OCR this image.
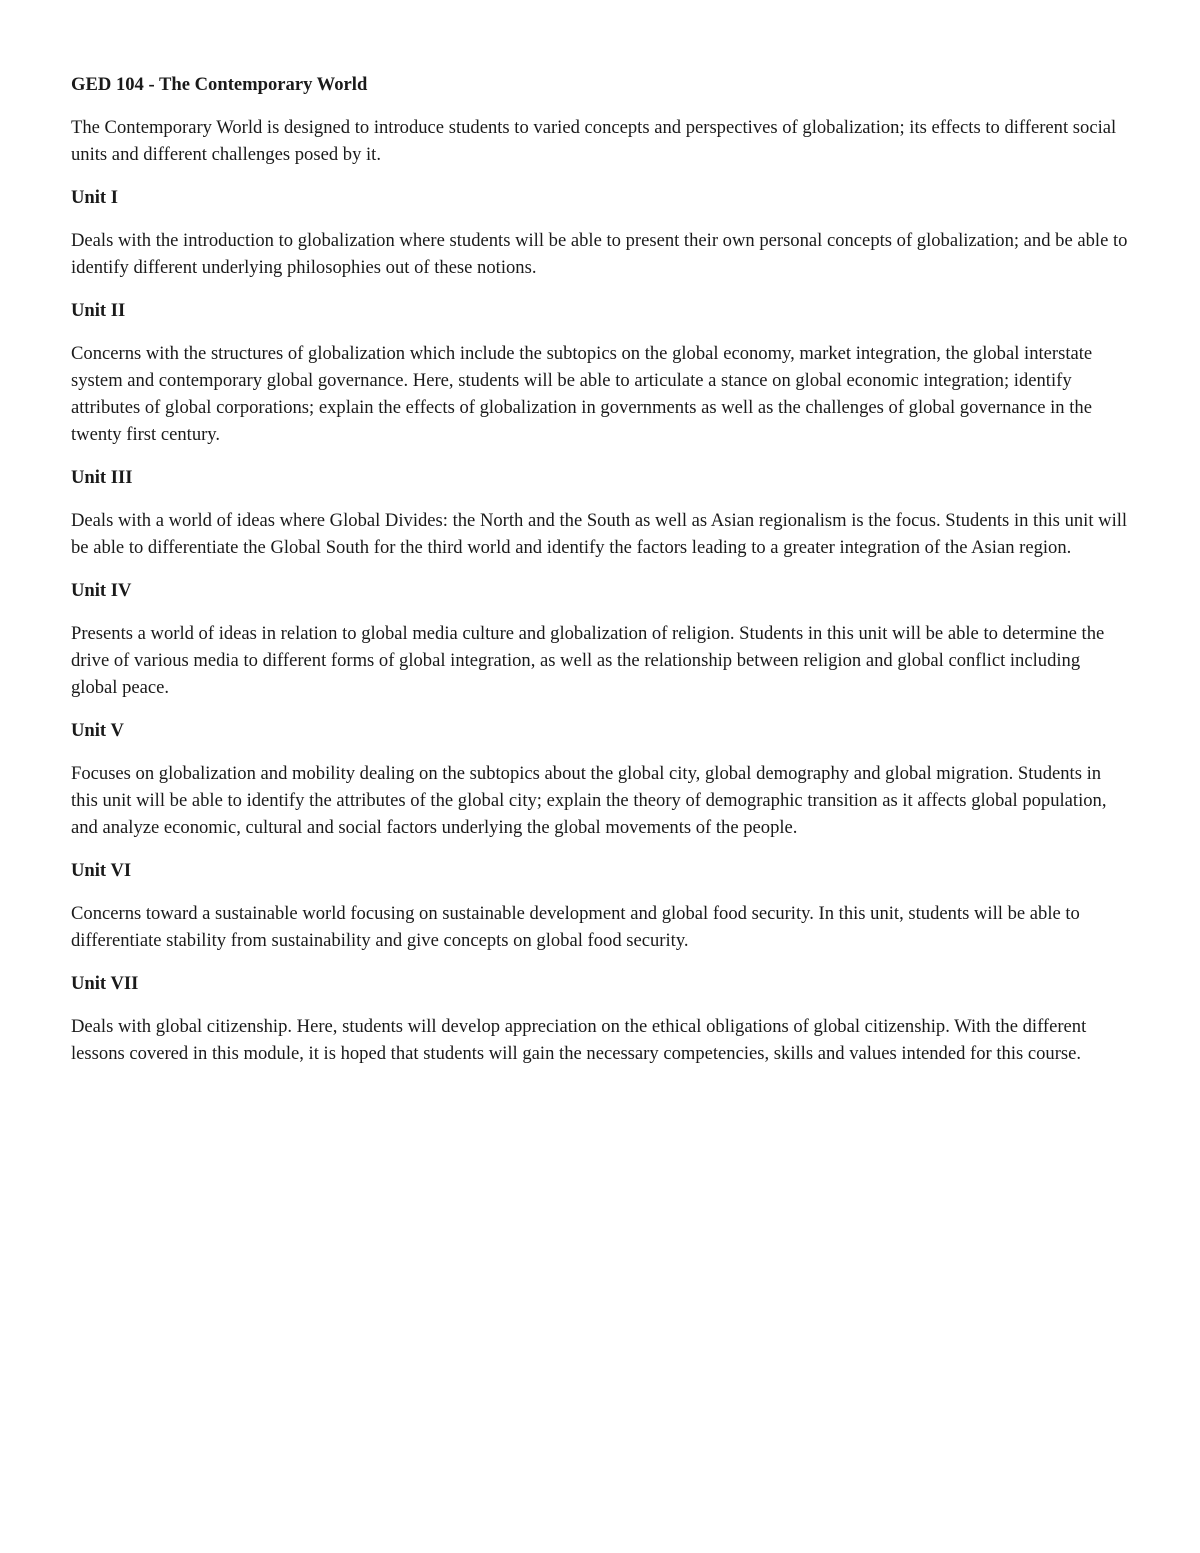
GED 104 - The Contemporary World

The Contemporary World is designed to introduce students to varied concepts and perspectives of globalization; its effects to different social units and different challenges posed by it.

Unit I

Deals with the introduction to globalization where students will be able to present their own personal concepts of globalization; and be able to identify different underlying philosophies out of these notions.

Unit II

Concerns with the structures of globalization which include the subtopics on the global economy, market integration, the global interstate system and contemporary global governance. Here, students will be able to articulate a stance on global economic integration; identify attributes of global corporations; explain the effects of globalization in governments as well as the challenges of global governance in the twenty first century.

Unit III

Deals with a world of ideas where Global Divides: the North and the South as well as Asian regionalism is the focus. Students in this unit will be able to differentiate the Global South for the third world and identify the factors leading to a greater integration of the Asian region.

Unit IV

Presents a world of ideas in relation to global media culture and globalization of religion. Students in this unit will be able to determine the drive of various media to different forms of global integration, as well as the relationship between religion and global conflict including global peace.

Unit V

Focuses on globalization and mobility dealing on the subtopics about the global city, global demography and global migration. Students in this unit will be able to identify the attributes of the global city; explain the theory of demographic transition as it affects global population, and analyze economic, cultural and social factors underlying the global movements of the people.

Unit VI

Concerns toward a sustainable world focusing on sustainable development and global food security. In this unit, students will be able to differentiate stability from sustainability and give concepts on global food security.

Unit VII

Deals with global citizenship. Here, students will develop appreciation on the ethical obligations of global citizenship. With the different lessons covered in this module, it is hoped that students will gain the necessary competencies, skills and values intended for this course.
